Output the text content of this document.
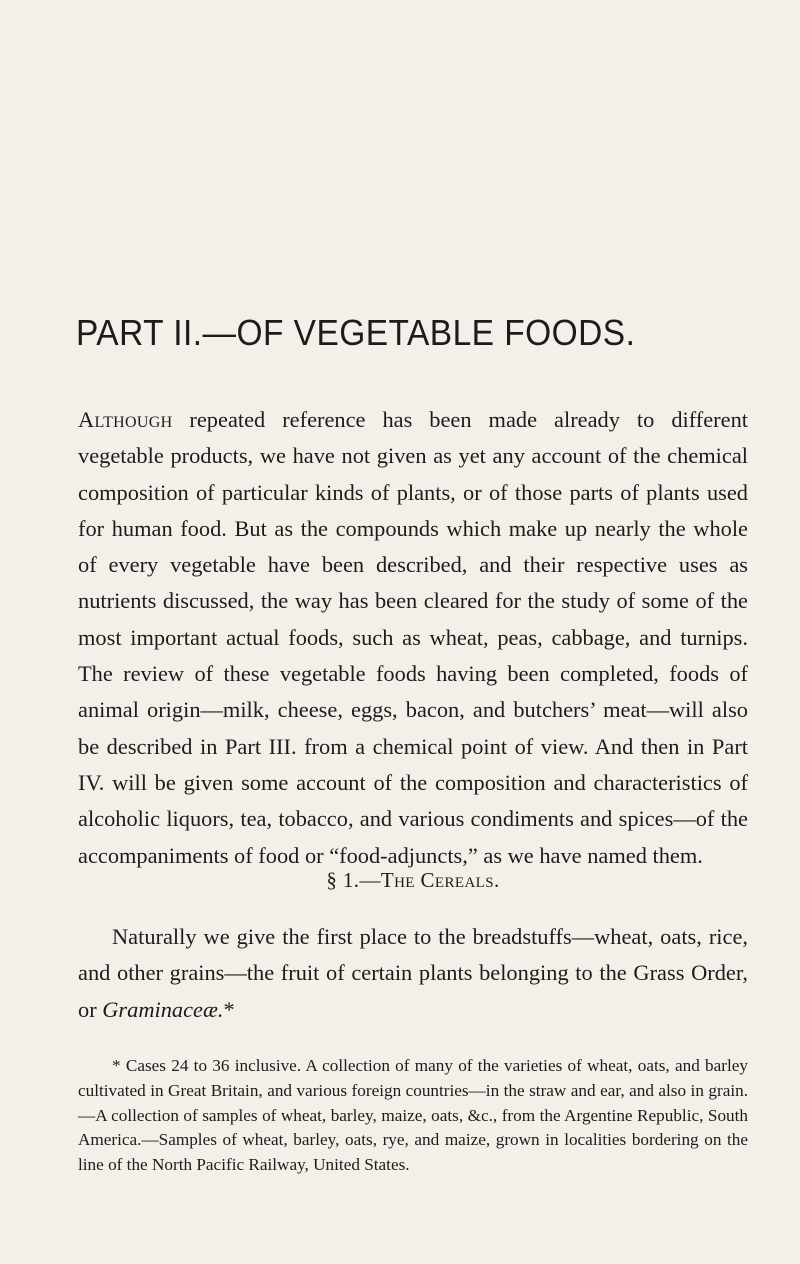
PART II.—OF VEGETABLE FOODS.

Although repeated reference has been made already to different vegetable products, we have not given as yet any account of the chemical composition of particular kinds of plants, or of those parts of plants used for human food. But as the compounds which make up nearly the whole of every vegetable have been described, and their respective uses as nutrients discussed, the way has been cleared for the study of some of the most important actual foods, such as wheat, peas, cabbage, and turnips. The review of these vegetable foods having been completed, foods of animal origin—milk, cheese, eggs, bacon, and butchers’ meat—will also be described in Part III. from a chemical point of view. And then in Part IV. will be given some account of the composition and characteristics of alcoholic liquors, tea, tobacco, and various condiments and spices—of the accompaniments of food or “food-adjuncts,” as we have named them.

§ 1.—The Cereals.

Naturally we give the first place to the breadstuffs—wheat, oats, rice, and other grains—the fruit of certain plants belonging to the Grass Order, or Graminaceæ.*

* Cases 24 to 36 inclusive. A collection of many of the varieties of wheat, oats, and barley cultivated in Great Britain, and various foreign countries—in the straw and ear, and also in grain.—A collection of samples of wheat, barley, maize, oats, &c., from the Argentine Republic, South America.—Samples of wheat, barley, oats, rye, and maize, grown in localities bordering on the line of the North Pacific Railway, United States.
